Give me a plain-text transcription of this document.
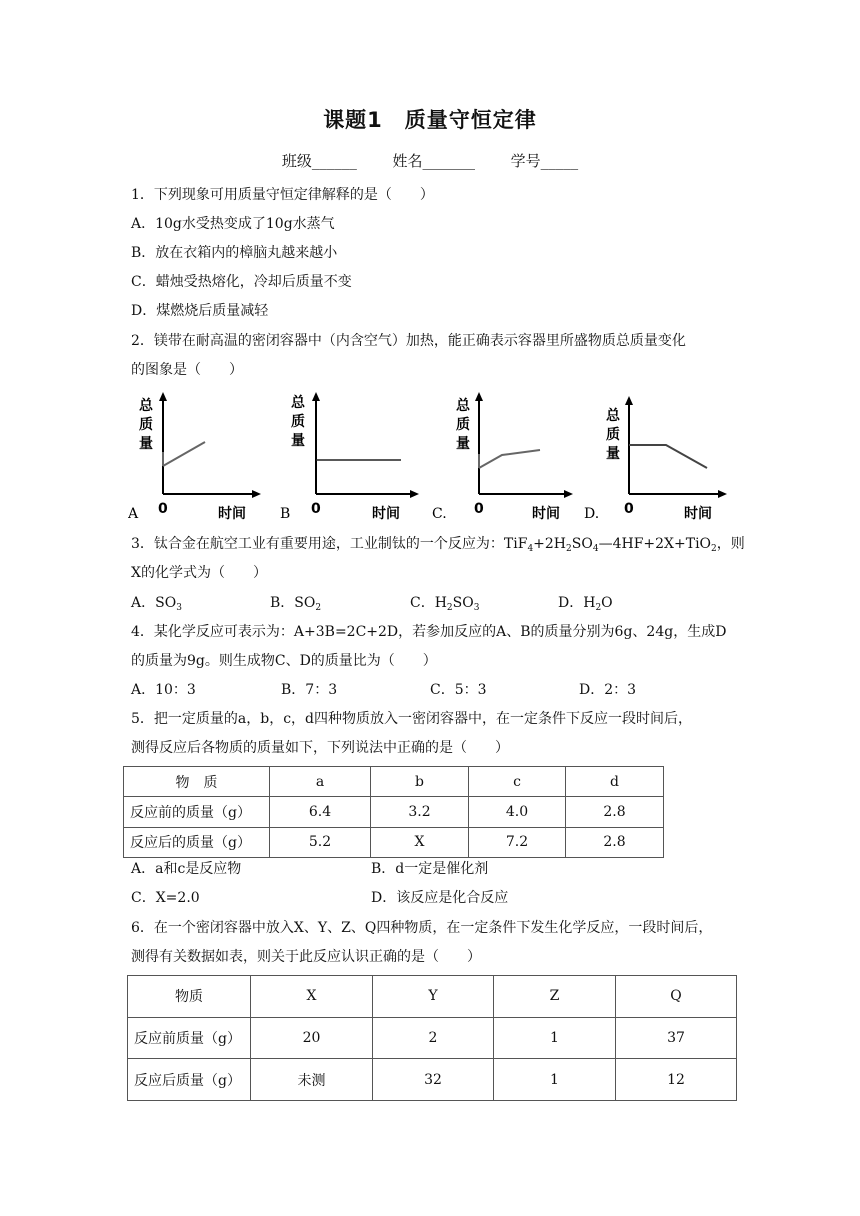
课题1　质量守恒定律
班级______ 姓名_______ 学号_____
1．下列现象可用质量守恒定律解释的是（　　）
A．10g水受热变成了10g水蒸气
B．放在衣箱内的樟脑丸越来越小
C．蜡烛受热熔化，冷却后质量不变
D．煤燃烧后质量减轻
2．镁带在耐高温的密闭容器中（内含空气）加热，能正确表示容器里所盛物质总质量变化
的图象是（　　）
总
质
量
0	时间
A
总
质
量
0	时间
B
总
质
量
0	时间
C.
总
质
量
0	时间
D.
3．钛合金在航空工业有重要用途，工业制钛的一个反应为：$TiF_4+2H_2SO_4—4HF+2X+TiO_2$，则
X的化学式为（　　）
A．$SO_3$	B．$SO_2$	C．$H_2SO_3$	D．$H_2O$
4．某化学反应可表示为：A+3B=2C+2D，若参加反应的A、B的质量分别为6g、24g，生成D
的质量为9g。则生成物C、D的质量比为（　　）
A．10：3	B．7：3	C．5：3	D．2：3
5．把一定质量的a，b，c，d四种物质放入一密闭容器中，在一定条件下反应一段时间后，
测得反应后各物质的质量如下，下列说法中正确的是（　　）
物　质	a	b	c	d
反应前的质量（g）	6.4	3.2	4.0	2.8
反应后的质量（g）	5.2	X	7.2	2.8
A．a和c是反应物	B．d一定是催化剂
C．X=2.0	D．该反应是化合反应
6．在一个密闭容器中放入X、Y、Z、Q四种物质，在一定条件下发生化学反应，一段时间后，
测得有关数据如表，则关于此反应认识正确的是（　　）
物质	X	Y	Z	Q
反应前质量（g）	20	2	1	37
反应后质量（g）	未测	32	1	12
